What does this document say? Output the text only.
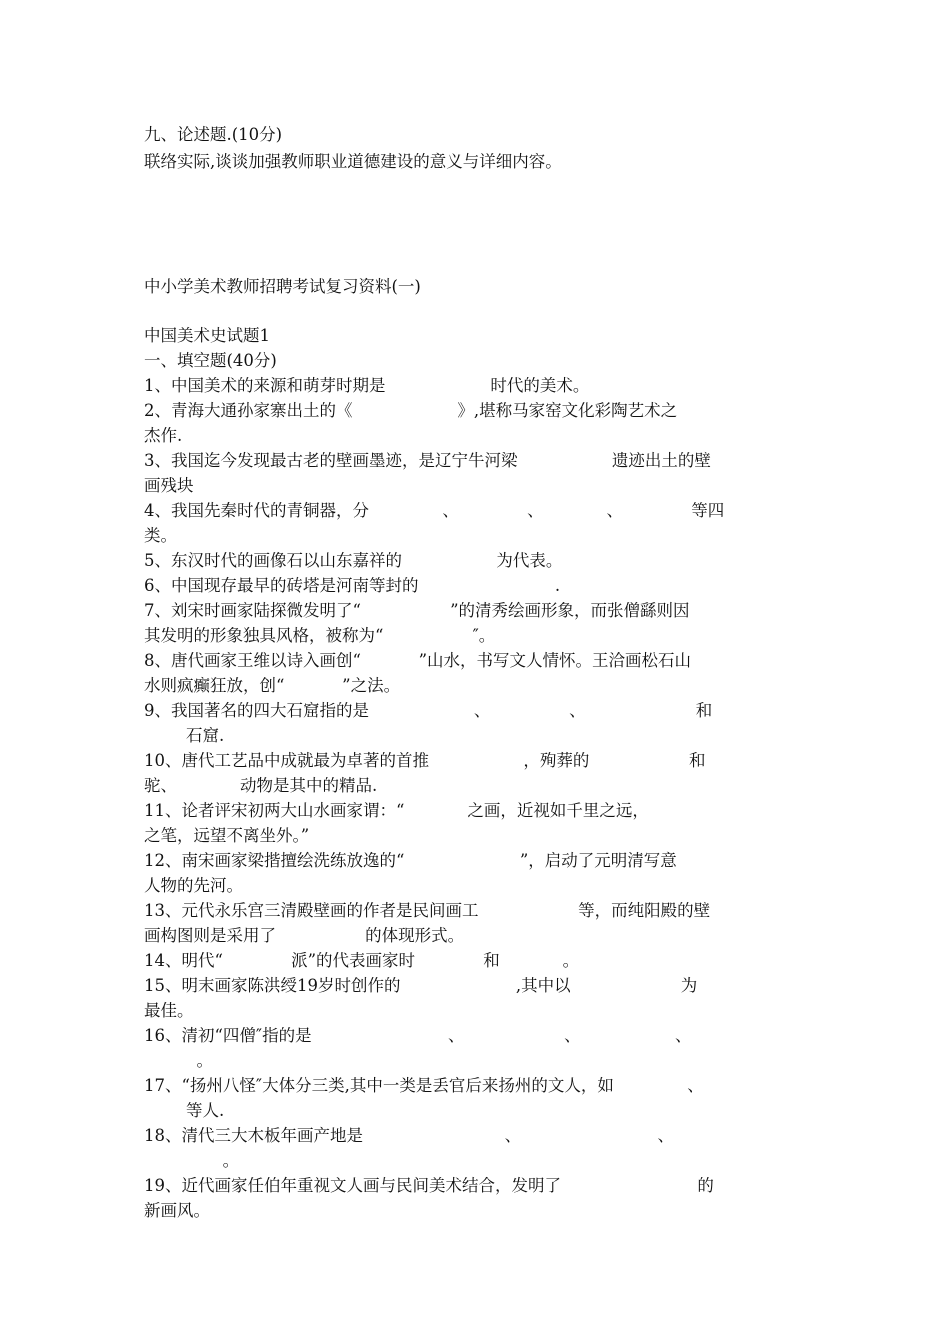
九、论述题.(10分)
联络实际,谈谈加强教师职业道德建设的意义与详细内容。
中小学美术教师招聘考试复习资料(一)
中国美术史试题1
一、填空题(40分)
1、中国美术的来源和萌芽时期是                    时代的美术。
2、青海大通孙家寨出土的《                    》,堪称马家窑文化彩陶艺术之
杰作.
3、我国迄今发现最古老的壁画墨迹，是辽宁牛河梁                  遗迹出土的壁
画残块
4、我国先秦时代的青铜器，分              、             、            、             等四
类。
5、东汉时代的画像石以山东嘉祥的                  为代表。
6、中国现存最早的砖塔是河南等封的                          .
7、刘宋时画家陆探微发明了“                 ”的清秀绘画形象，而张僧繇则因
其发明的形象独具风格，被称为“                 ″。
8、唐代画家王维以诗入画创“           ”山水，书写文人情怀。王洽画松石山
水则疯癫狂放，创“           ”之法。
9、我国著名的四大石窟指的是                    、               、                     和
石窟.
10、唐代工艺品中成就最为卓著的首推                  ，殉葬的                   和
驼、            动物是其中的精品.
11、论者评宋初两大山水画家谓：“            之画，近视如千里之远，
之笔，远望不离坐外。”
12、南宋画家梁揩擅绘洗练放逸的“                      ”，启动了元明清写意
人物的先河。
13、元代永乐宫三清殿壁画的作者是民间画工                   等，而纯阳殿的壁
画构图则是采用了                 的体现形式。
14、明代“             派”的代表画家时             和            。
15、明末画家陈洪绶19岁时创作的                      ,其中以                     为
最佳。
16、清初“四僧″指的是                          、                   、                  、
。
17、“扬州八怪″大体分三类,其中一类是丢官后来扬州的文人，如              、
等人.
18、清代三大木板年画产地是                           、                          、
。
19、近代画家任伯年重视文人画与民间美术结合，发明了                          的
新画风。
